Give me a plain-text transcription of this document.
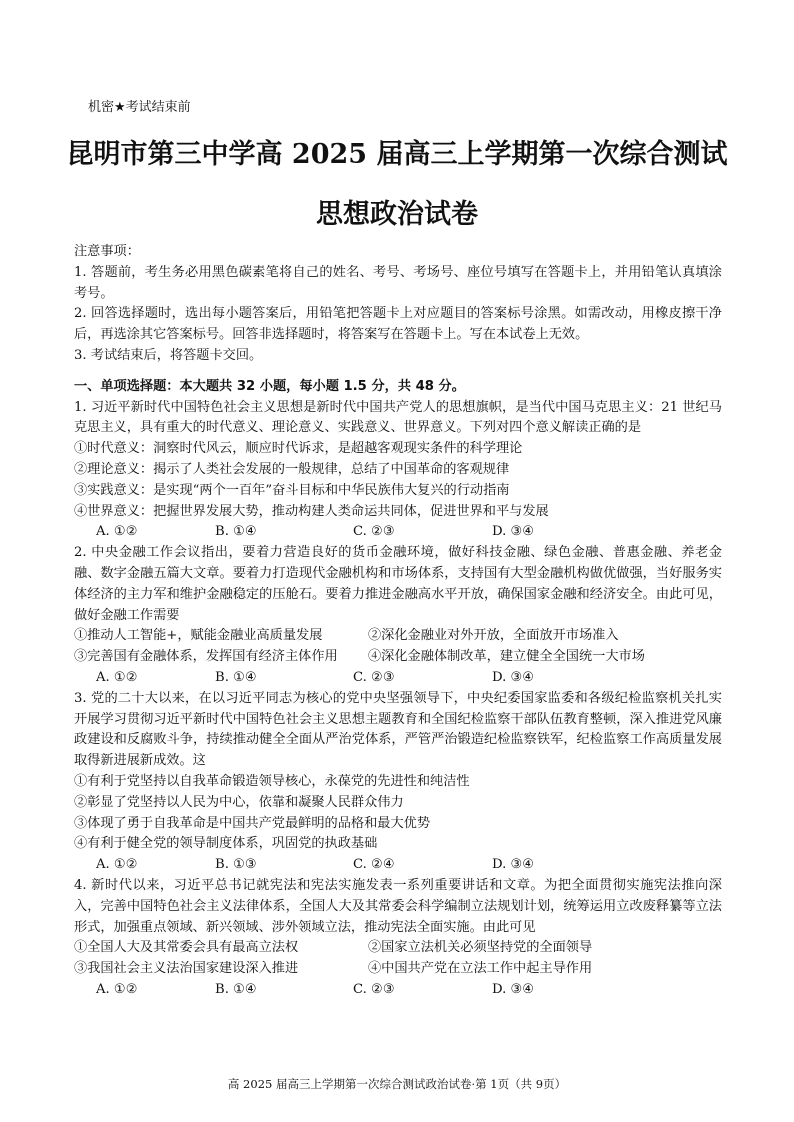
机密★考试结束前
昆明市第三中学高 2025 届高三上学期第一次综合测试
思想政治试卷
注意事项：
1. 答题前，考生务必用黑色碳素笔将自己的姓名、考号、考场号、座位号填写在答题卡上，并用铅笔认真填涂考号。
2. 回答选择题时，选出每小题答案后，用铅笔把答题卡上对应题目的答案标号涂黑。如需改动，用橡皮擦干净后，再选涂其它答案标号。回答非选择题时，将答案写在答题卡上。写在本试卷上无效。
3. 考试结束后，将答题卡交回。
一、单项选择题：本大题共 32 小题，每小题 1.5 分，共 48 分。
1. 习近平新时代中国特色社会主义思想是新时代中国共产党人的思想旗帜，是当代中国马克思主义：21 世纪马克思主义，具有重大的时代意义、理论意义、实践意义、世界意义。下列对四个意义解读正确的是
①时代意义：洞察时代风云，顺应时代诉求，是超越客观现实条件的科学理论
②理论意义：揭示了人类社会发展的一般规律，总结了中国革命的客观规律
③实践意义：是实现“两个一百年”奋斗目标和中华民族伟大复兴的行动指南
④世界意义：把握世界发展大势，推动构建人类命运共同体，促进世界和平与发展
A. ①②	B. ①④	C. ②③	D. ③④
2. 中央金融工作会议指出，要着力营造良好的货币金融环境，做好科技金融、绿色金融、普惠金融、养老金融、数字金融五篇大文章。要着力打造现代金融机构和市场体系，支持国有大型金融机构做优做强，当好服务实体经济的主力军和维护金融稳定的压舱石。要着力推进金融高水平开放，确保国家金融和经济安全。由此可见，做好金融工作需要
①推动人工智能+，赋能金融业高质量发展	②深化金融业对外开放，全面放开市场准入
③完善国有金融体系，发挥国有经济主体作用	④深化金融体制改革，建立健全全国统一大市场
A. ①②	B. ①④	C. ②③	D. ③④
3. 党的二十大以来，在以习近平同志为核心的党中央坚强领导下，中央纪委国家监委和各级纪检监察机关扎实开展学习贯彻习近平新时代中国特色社会主义思想主题教育和全国纪检监察干部队伍教育整顿，深入推进党风廉政建设和反腐败斗争，持续推动健全全面从严治党体系，严管严治锻造纪检监察铁军，纪检监察工作高质量发展取得新进展新成效。这
①有利于党坚持以自我革命锻造领导核心，永葆党的先进性和纯洁性
②彰显了党坚持以人民为中心，依靠和凝聚人民群众伟力
③体现了勇于自我革命是中国共产党最鲜明的品格和最大优势
④有利于健全党的领导制度体系，巩固党的执政基础
A. ①②	B. ①③	C. ②④	D. ③④
4. 新时代以来，习近平总书记就宪法和宪法实施发表一系列重要讲话和文章。为把全面贯彻实施宪法推向深入，完善中国特色社会主义法律体系，全国人大及其常委会科学编制立法规划计划，统筹运用立改废释纂等立法形式，加强重点领域、新兴领域、涉外领域立法，推动宪法全面实施。由此可见
①全国人大及其常委会具有最高立法权	②国家立法机关必须坚持党的全面领导
③我国社会主义法治国家建设深入推进	④中国共产党在立法工作中起主导作用
A. ①②	B. ①④	C. ②③	D. ③④
高 2025 届高三上学期第一次综合测试政治试卷·第 1页（共 9页）
